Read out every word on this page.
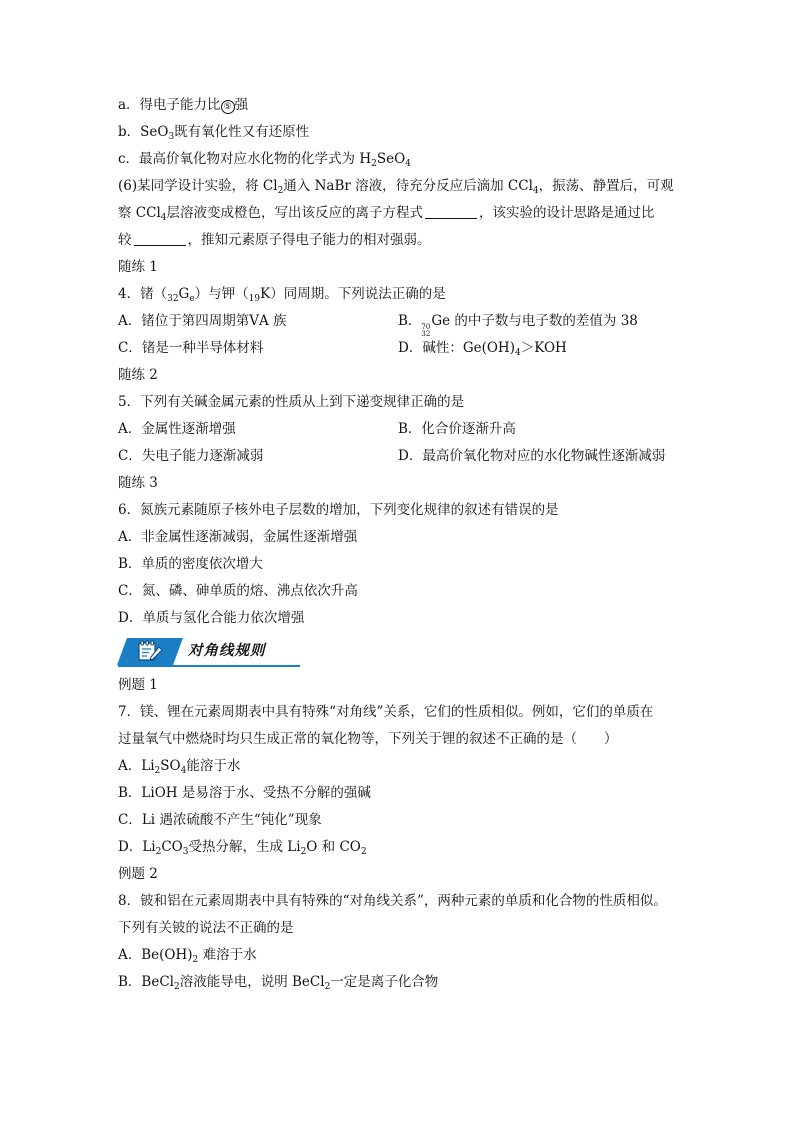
a．得电子能力比 ⑤ 强
b．SeO$_3$既有氧化性又有还原性
c．最高价氧化物对应水化物的化学式为 $H_2SeO_4$
(6)某同学设计实验，将 $Cl_2$通入 NaBr 溶液，待充分反应后滴加 CCl$_4$，振荡、静置后，可观
察 CCl$_4$层溶液变成橙色，写出该反应的离子方程式	，该实验的设计思路是通过比
较	，推知元素原子得电子能力的相对强弱。
随练 1
4．锗$(_{32}G_e)$与钾$(_{19}K)$同周期。下列说法正确的是
A．锗位于第四周期第ⅤA 族	B． 70
32
Ge 的中子数与电子数的差值为 38
C．锗是一种半导体材料	D．碱性：$Ge(OH)_4>KOH$
随练 2
5．下列有关碱金属元素的性质从上到下递变规律正确的是
A．金属性逐渐增强	B．化合价逐渐升高
C．失电子能力逐渐减弱	D．最高价氧化物对应的水化物碱性逐渐减弱
随练 3
6．氮族元素随原子核外电子层数的增加，下列变化规律的叙述有错误的是
A．非金属性逐渐减弱，金属性逐渐增强
B．单质的密度依次增大
C．氮、磷、砷单质的熔、沸点依次升高
D．单质与氢化合能力依次增强
对角线规则
例题 1
7．镁、锂在元素周期表中具有特殊“对角线”关系，它们的性质相似。例如，它们的单质在
过量氧气中燃烧时均只生成正常的氧化物等，下列关于锂的叙述不正确的是（　　）
A．$Li_2SO_4$能溶于水
B．LiOH 是易溶于水、受热不分解的强碱
C．Li 遇浓硫酸不产生“钝化”现象
D．$Li_2CO_3$受热分解，生成 $Li_2O$ 和 $CO_2$
例题 2
8．铍和铝在元素周期表中具有特殊的“对角线关系”，两种元素的单质和化合物的性质相似。
下列有关铍的说法不正确的是
A．$Be(OH)_2$ 难溶于水
B．BeCl$_2$溶液能导电，说明 BeCl$_2$一定是离子化合物
